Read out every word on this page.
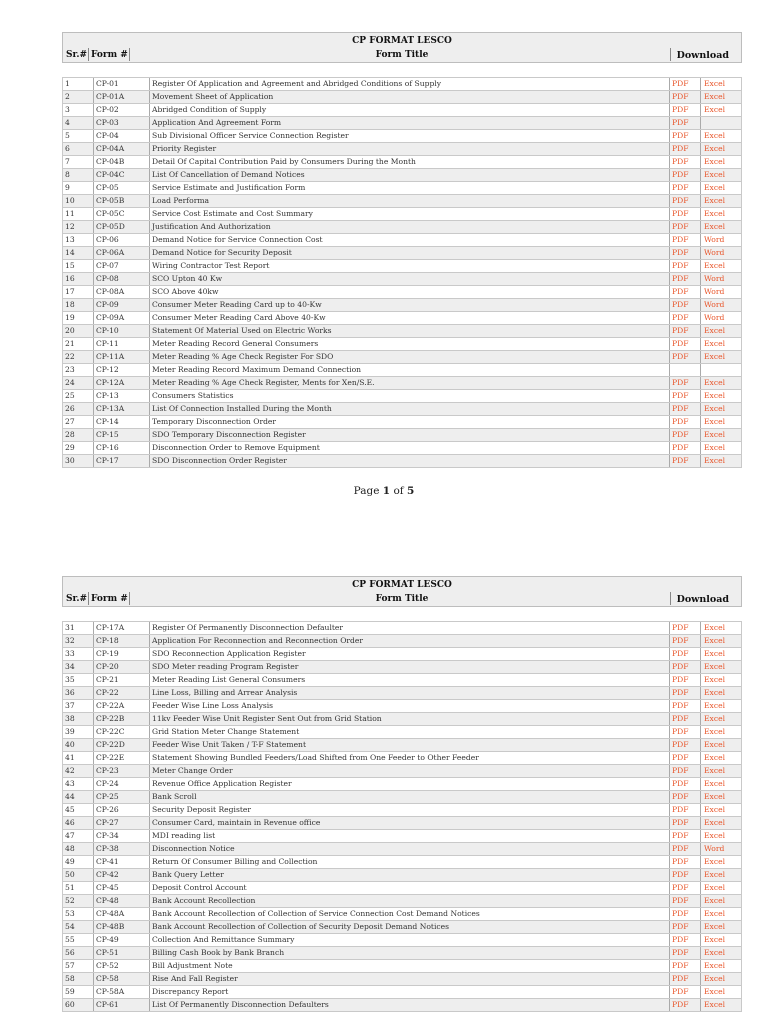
CP FORMAT LESCO
Sr.# Form #	Form Title	Download
1	CP-01	Register Of Application and Agreement and Abridged Conditions of Supply	PDF Excel
2	CP-01A	Movement Sheet of Application	PDF Excel
3	CP-02	Abridged Condition of Supply	PDF Excel
4	CP-03	Application And Agreement Form	PDF
5	CP-04	Sub Divisional Officer Service Connection Register	PDF Excel
6	CP-04A	Priority Register	PDF Excel
7	CP-04B	Detail Of Capital Contribution Paid by Consumers During the Month	PDF Excel
8	CP-04C	List Of Cancellation of Demand Notices	PDF Excel
9	CP-05	Service Estimate and Justification Form	PDF Excel
10	CP-05B	Load Performa	PDF Excel
11	CP-05C	Service Cost Estimate and Cost Summary	PDF Excel
12	CP-05D	Justification And Authorization	PDF Excel
13	CP-06	Demand Notice for Service Connection Cost	PDF Word
14	CP-06A	Demand Notice for Security Deposit	PDF Word
15	CP-07	Wiring Contractor Test Report	PDF Excel
16	CP-08	SCO Upton 40 Kw	PDF Word
17	CP-08A	SCO Above 40kw	PDF Word
18	CP-09	Consumer Meter Reading Card up to 40-Kw	PDF Word
19	CP-09A	Consumer Meter Reading Card Above 40-Kw	PDF Word
20	CP-10	Statement Of Material Used on Electric Works	PDF Excel
21	CP-11	Meter Reading Record General Consumers	PDF Excel
22	CP-11A	Meter Reading % Age Check Register For SDO	PDF Excel
23	CP-12	Meter Reading Record Maximum Demand Connection
24	CP-12A	Meter Reading % Age Check Register, Ments for Xen/S.E.	PDF Excel
25	CP-13	Consumers Statistics	PDF Excel
26	CP-13A	List Of Connection Installed During the Month	PDF Excel
27	CP-14	Temporary Disconnection Order	PDF Excel
28	CP-15	SDO Temporary Disconnection Register	PDF Excel
29	CP-16	Disconnection Order to Remove Equipment	PDF Excel
30	CP-17	SDO Disconnection Order Register	PDF Excel
Page 1 of 5
CP FORMAT LESCO
Sr.# Form #	Form Title	Download
31	CP-17A	Register Of Permanently Disconnection Defaulter	PDF Excel
32	CP-18	Application For Reconnection and Reconnection Order	PDF Excel
33	CP-19	SDO Reconnection Application Register	PDF Excel
34	CP-20	SDO Meter reading Program Register	PDF Excel
35	CP-21	Meter Reading List General Consumers	PDF Excel
36	CP-22	Line Loss, Billing and Arrear Analysis	PDF Excel
37	CP-22A	Feeder Wise Line Loss Analysis	PDF Excel
38	CP-22B	11kv Feeder Wise Unit Register Sent Out from Grid Station	PDF Excel
39	CP-22C	Grid Station Meter Change Statement	PDF Excel
40	CP-22D	Feeder Wise Unit Taken / T-F Statement	PDF Excel
41	CP-22E	Statement Showing Bundled Feeders/Load Shifted from One Feeder to Other Feeder	PDF Excel
42	CP-23	Meter Change Order	PDF Excel
43	CP-24	Revenue Office Application Register	PDF Excel
44	CP-25	Bank Scroll	PDF Excel
45	CP-26	Security Deposit Register	PDF Excel
46	CP-27	Consumer Card, maintain in Revenue office	PDF Excel
47	CP-34	MDI reading list	PDF Excel
48	CP-38	Disconnection Notice	PDF Word
49	CP-41	Return Of Consumer Billing and Collection	PDF Excel
50	CP-42	Bank Query Letter	PDF Excel
51	CP-45	Deposit Control Account	PDF Excel
52	CP-48	Bank Account Recollection	PDF Excel
53	CP-48A	Bank Account Recollection of Collection of Service Connection Cost Demand Notices	PDF Excel
54	CP-48B	Bank Account Recollection of Collection of Security Deposit Demand Notices	PDF Excel
55	CP-49	Collection And Remittance Summary	PDF Excel
56	CP-51	Billing Cash Book by Bank Branch	PDF Excel
57	CP-52	Bill Adjustment Note	PDF Excel
58	CP-58	Rise And Fall Register	PDF Excel
59	CP-58A	Discrepancy Report	PDF Excel
60	CP-61	List Of Permanently Disconnection Defaulters	PDF Excel
